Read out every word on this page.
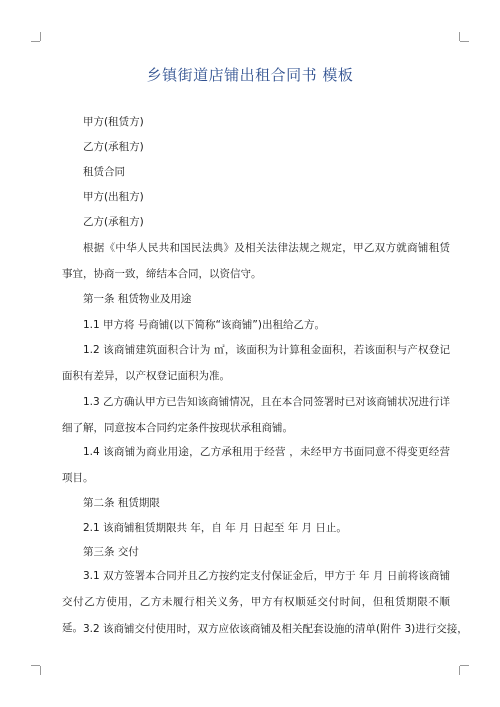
乡镇街道店铺出租合同书 模板
甲方(租赁方)
乙方(承租方)
租赁合同
甲方(出租方)
乙方(承租方)
根据《中华人民共和国民法典》及相关法律法规之规定，甲乙双方就商铺租赁事宜，协商一致，缔结本合同，以资信守。
第一条 租赁物业及用途
1.1 甲方将 号商铺(以下简称“该商铺”)出租给乙方。
1.2 该商铺建筑面积合计为 ㎡，该面积为计算租金面积，若该面积与产权登记面积有差异，以产权登记面积为准。
1.3 乙方确认甲方已告知该商铺情况，且在本合同签署时已对该商铺状况进行详细了解，同意按本合同约定条件按现状承租商铺。
1.4 该商铺为商业用途，乙方承租用于经营 ，未经甲方书面同意不得变更经营项目。
第二条 租赁期限
2.1 该商铺租赁期限共 年，自 年 月 日起至 年 月 日止。
第三条 交付
3.1 双方签署本合同并且乙方按约定支付保证金后，甲方于 年 月 日前将该商铺交付乙方使用，乙方未履行相关义务，甲方有权顺延交付时间，但租赁期限不顺延。 3.2 该商铺交付使用时，双方应依该商铺及相关配套设施的清单(附件 3)进行交接，
